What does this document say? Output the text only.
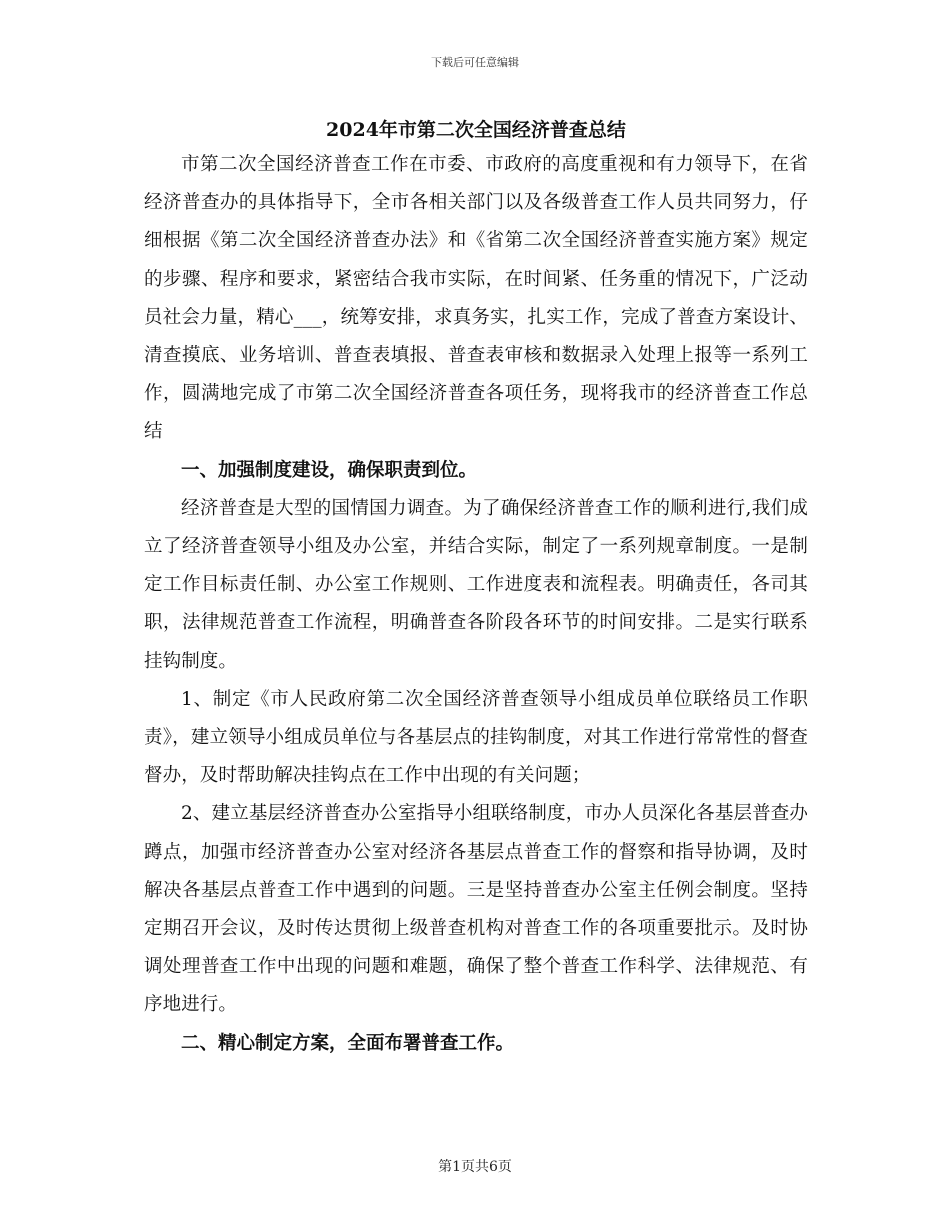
下载后可任意编辑
2024年市第二次全国经济普查总结

市第二次全国经济普查工作在市委、市政府的高度重视和有力领导下，在省经济普查办的具体指导下，全市各相关部门以及各级普查工作人员共同努力，仔细根据《第二次全国经济普查办法》和《省第二次全国经济普查实施方案》规定的步骤、程序和要求，紧密结合我市实际，在时间紧、任务重的情况下，广泛动员社会力量，精心___，统筹安排，求真务实，扎实工作，完成了普查方案设计、清查摸底、业务培训、普查表填报、普查表审核和数据录入处理上报等一系列工作，圆满地完成了市第二次全国经济普查各项任务，现将我市的经济普查工作总结

一、加强制度建设，确保职责到位。

经济普查是大型的国情国力调查。为了确保经济普查工作的顺利进行,我们成立了经济普查领导小组及办公室，并结合实际，制定了一系列规章制度。一是制定工作目标责任制、办公室工作规则、工作进度表和流程表。明确责任，各司其职，法律规范普查工作流程，明确普查各阶段各环节的时间安排。二是实行联系挂钩制度。

1、制定《市人民政府第二次全国经济普查领导小组成员单位联络员工作职责》，建立领导小组成员单位与各基层点的挂钩制度，对其工作进行常常性的督查督办，及时帮助解决挂钩点在工作中出现的有关问题；

2、建立基层经济普查办公室指导小组联络制度，市办人员深化各基层普查办蹲点，加强市经济普查办公室对经济各基层点普查工作的督察和指导协调，及时解决各基层点普查工作中遇到的问题。三是坚持普查办公室主任例会制度。坚持定期召开会议，及时传达贯彻上级普查机构对普查工作的各项重要批示。及时协调处理普查工作中出现的问题和难题，确保了整个普查工作科学、法律规范、有序地进行。

二、精心制定方案，全面布署普查工作。

第1页共6页
